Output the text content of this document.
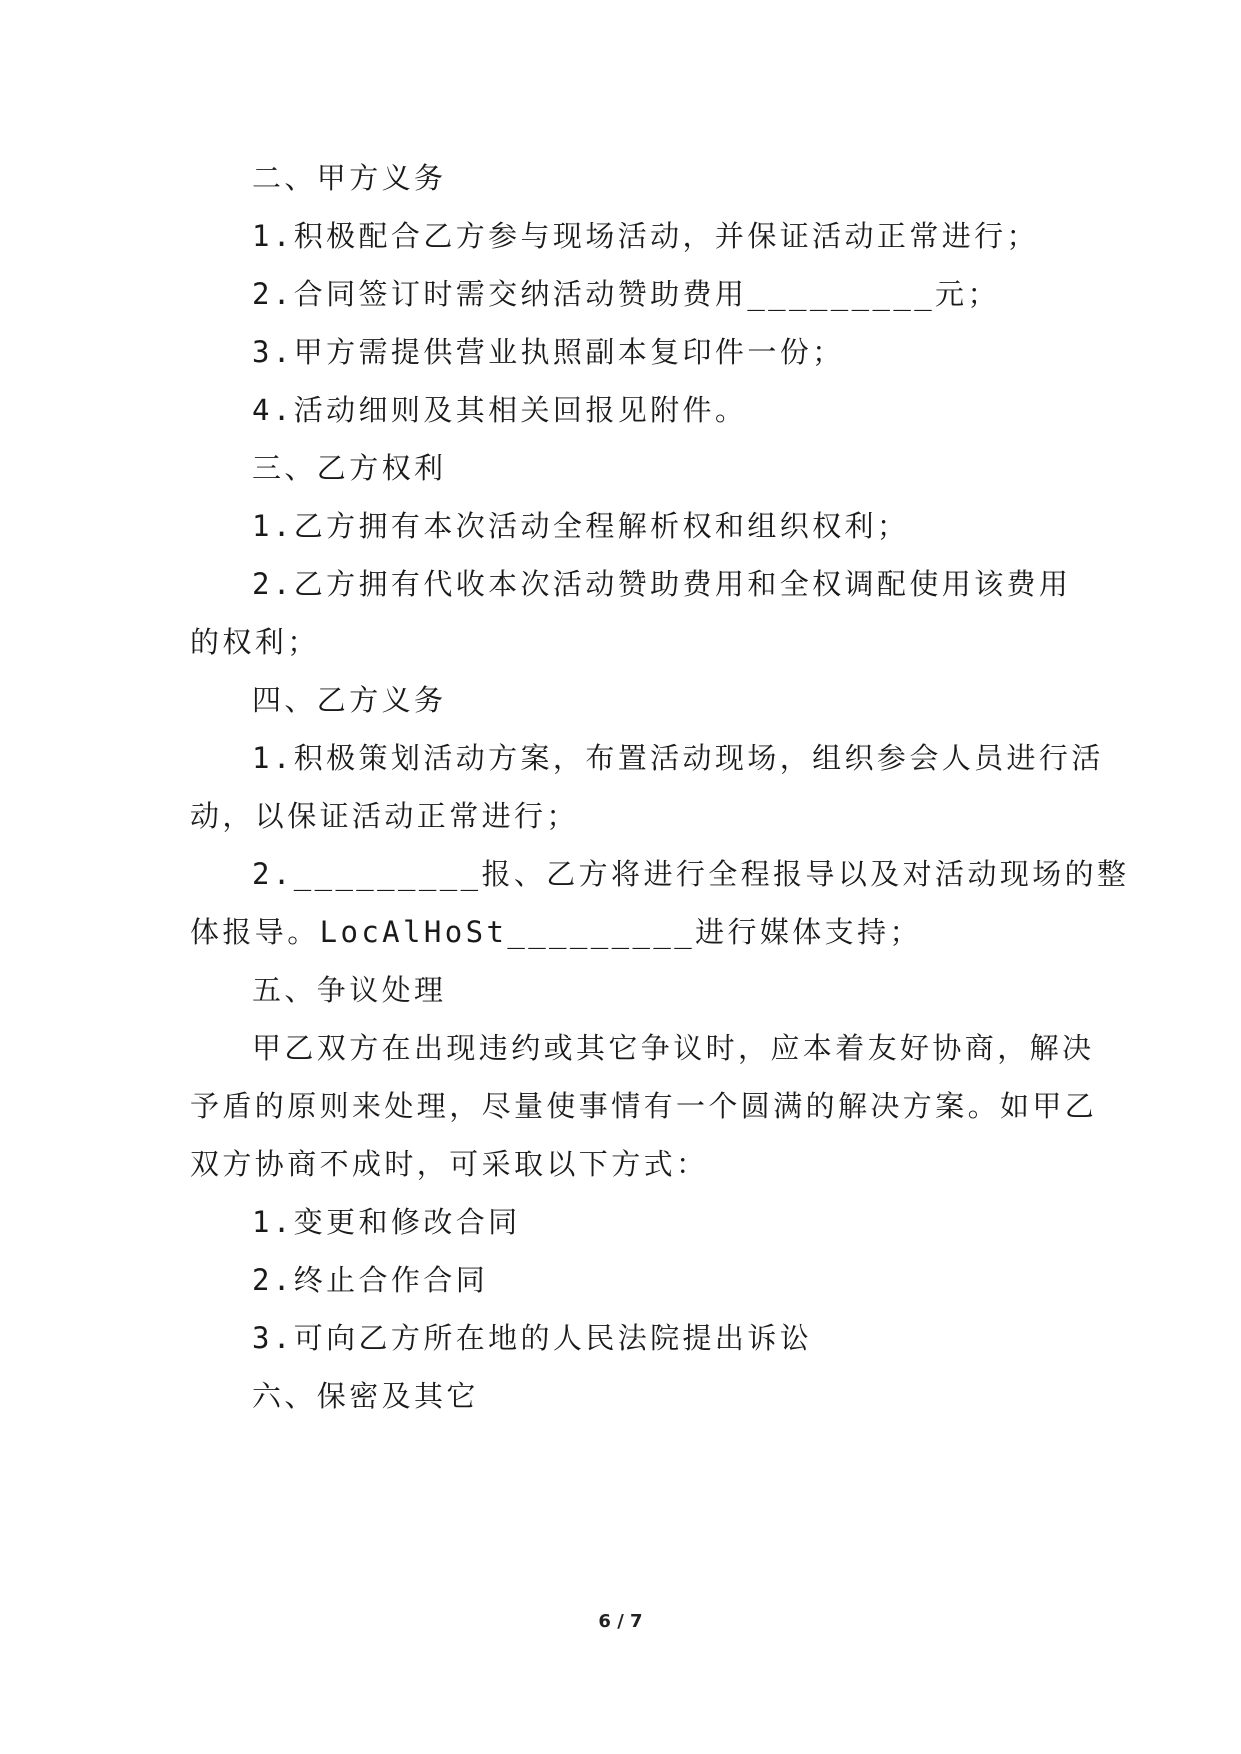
二、甲方义务
1.积极配合乙方参与现场活动，并保证活动正常进行；
2.合同签订时需交纳活动赞助费用_________元；
3.甲方需提供营业执照副本复印件一份；
4.活动细则及其相关回报见附件。
三、乙方权利
1.乙方拥有本次活动全程解析权和组织权利；
2.乙方拥有代收本次活动赞助费用和全权调配使用该费用
的权利；
四、乙方义务
1.积极策划活动方案，布置活动现场，组织参会人员进行活
动，以保证活动正常进行；
2._________报、乙方将进行全程报导以及对活动现场的整
体报导。LocAlHoSt_________进行媒体支持；
五、争议处理
甲乙双方在出现违约或其它争议时，应本着友好协商，解决
予盾的原则来处理，尽量使事情有一个圆满的解决方案。如甲乙
双方协商不成时，可采取以下方式：
1.变更和修改合同
2.终止合作合同
3.可向乙方所在地的人民法院提出诉讼
六、保密及其它
6 / 7
